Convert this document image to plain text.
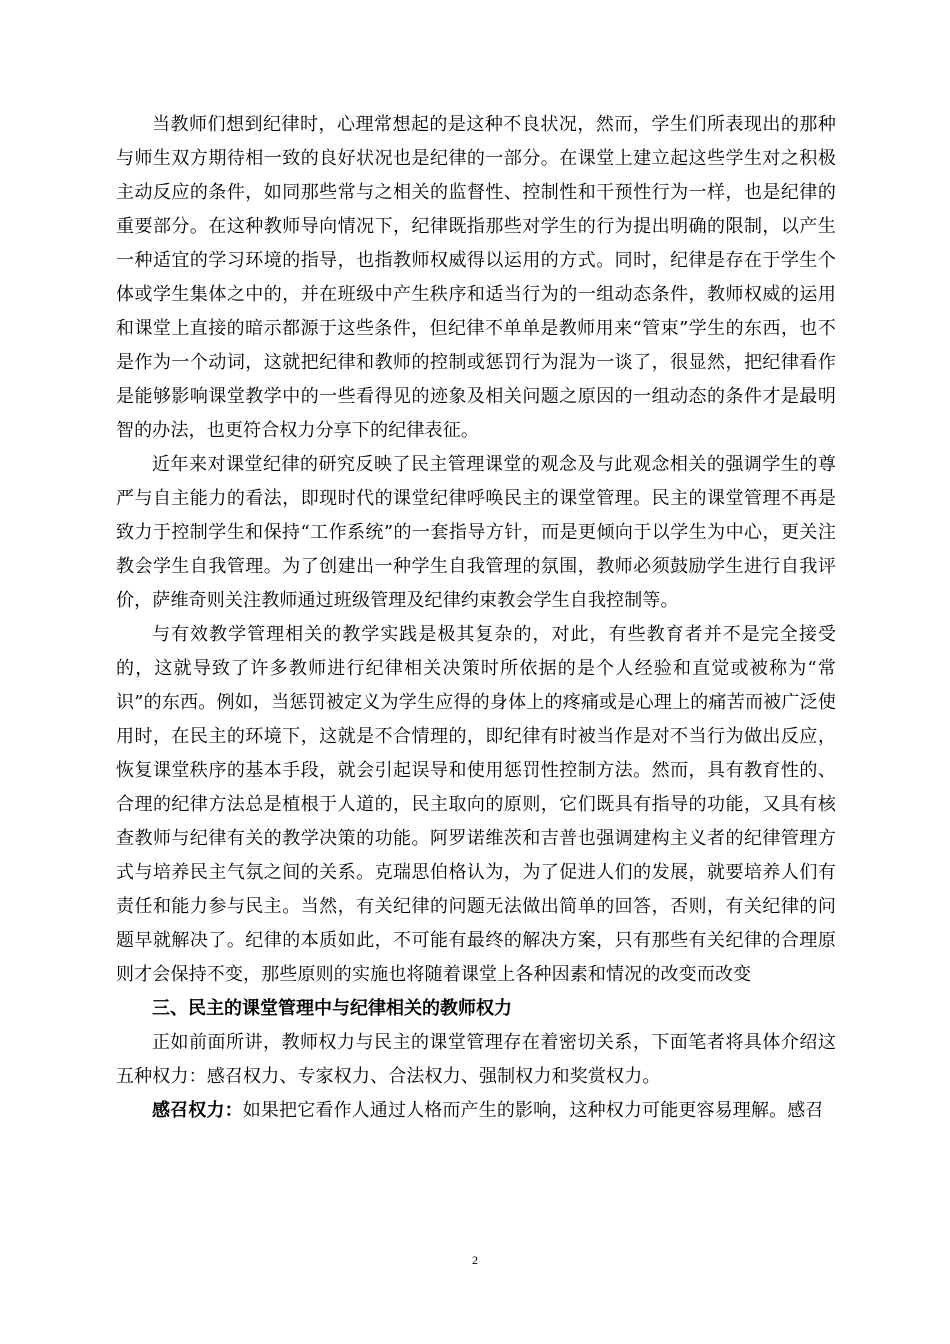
当教师们想到纪律时，心理常想起的是这种不良状况，然而，学生们所表现出的那种与师生双方期待相一致的良好状况也是纪律的一部分。在课堂上建立起这些学生对之积极主动反应的条件，如同那些常与之相关的监督性、控制性和干预性行为一样，也是纪律的重要部分。在这种教师导向情况下，纪律既指那些对学生的行为提出明确的限制，以产生一种适宜的学习环境的指导，也指教师权威得以运用的方式。同时，纪律是存在于学生个体或学生集体之中的，并在班级中产生秩序和适当行为的一组动态条件，教师权威的运用和课堂上直接的暗示都源于这些条件，但纪律不单单是教师用来“管束”学生的东西，也不是作为一个动词，这就把纪律和教师的控制或惩罚行为混为一谈了，很显然，把纪律看作是能够影响课堂教学中的一些看得见的迹象及相关问题之原因的一组动态的条件才是最明智的办法，也更符合权力分享下的纪律表征。

近年来对课堂纪律的研究反映了民主管理课堂的观念及与此观念相关的强调学生的尊严与自主能力的看法，即现时代的课堂纪律呼唤民主的课堂管理。民主的课堂管理不再是致力于控制学生和保持“工作系统”的一套指导方针，而是更倾向于以学生为中心，更关注教会学生自我管理。为了创建出一种学生自我管理的氛围，教师必须鼓励学生进行自我评价，萨维奇则关注教师通过班级管理及纪律约束教会学生自我控制等。

与有效教学管理相关的教学实践是极其复杂的，对此，有些教育者并不是完全接受的，这就导致了许多教师进行纪律相关决策时所依据的是个人经验和直觉或被称为“常识”的东西。例如，当惩罚被定义为学生应得的身体上的疼痛或是心理上的痛苦而被广泛使用时，在民主的环境下，这就是不合情理的，即纪律有时被当作是对不当行为做出反应，恢复课堂秩序的基本手段，就会引起误导和使用惩罚性控制方法。然而，具有教育性的、合理的纪律方法总是植根于人道的，民主取向的原则，它们既具有指导的功能，又具有核查教师与纪律有关的教学决策的功能。阿罗诺维茨和吉普也强调建构主义者的纪律管理方式与培养民主气氛之间的关系。克瑞思伯格认为，为了促进人们的发展，就要培养人们有责任和能力参与民主。当然，有关纪律的问题无法做出简单的回答，否则，有关纪律的问题早就解决了。纪律的本质如此，不可能有最终的解决方案，只有那些有关纪律的合理原则才会保持不变，那些原则的实施也将随着课堂上各种因素和情况的改变而改变

三、民主的课堂管理中与纪律相关的教师权力

正如前面所讲，教师权力与民主的课堂管理存在着密切关系，下面笔者将具体介绍这五种权力：感召权力、专家权力、合法权力、强制权力和奖赏权力。

感召权力：如果把它看作人通过人格而产生的影响，这种权力可能更容易理解。感召

2
